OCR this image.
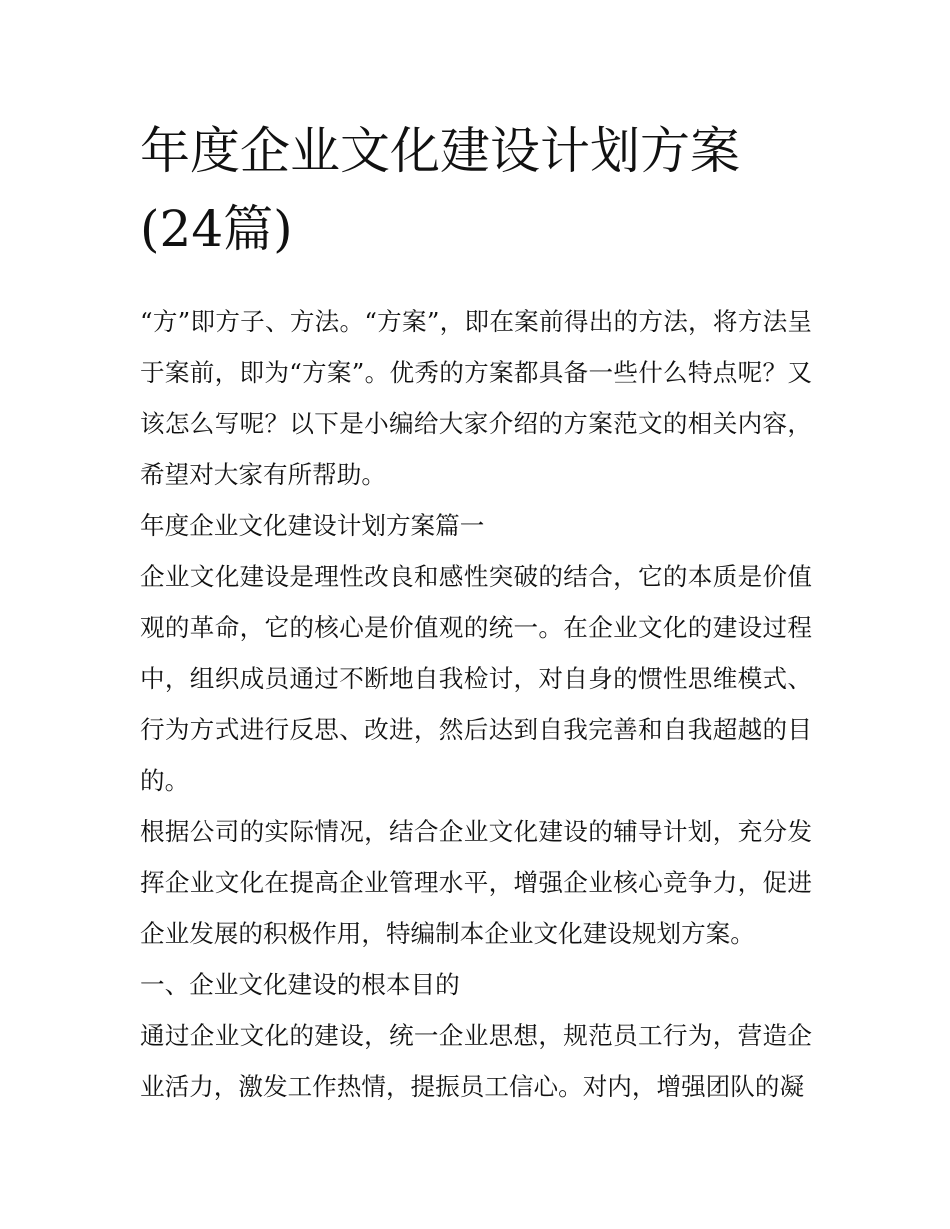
年度企业文化建设计划方案(24篇)

“方”即方子、方法。“方案”，即在案前得出的方法，将方法呈于案前，即为“方案”。优秀的方案都具备一些什么特点呢？又该怎么写呢？以下是小编给大家介绍的方案范文的相关内容，希望对大家有所帮助。

年度企业文化建设计划方案篇一

企业文化建设是理性改良和感性突破的结合，它的本质是价值观的革命，它的核心是价值观的统一。在企业文化的建设过程中，组织成员通过不断地自我检讨，对自身的惯性思维模式、行为方式进行反思、改进，然后达到自我完善和自我超越的目的。

根据公司的实际情况，结合企业文化建设的辅导计划，充分发挥企业文化在提高企业管理水平，增强企业核心竞争力，促进企业发展的积极作用，特编制本企业文化建设规划方案。

一、企业文化建设的根本目的

通过企业文化的建设，统一企业思想，规范员工行为，营造企业活力，激发工作热情，提振员工信心。对内，增强团队的凝
